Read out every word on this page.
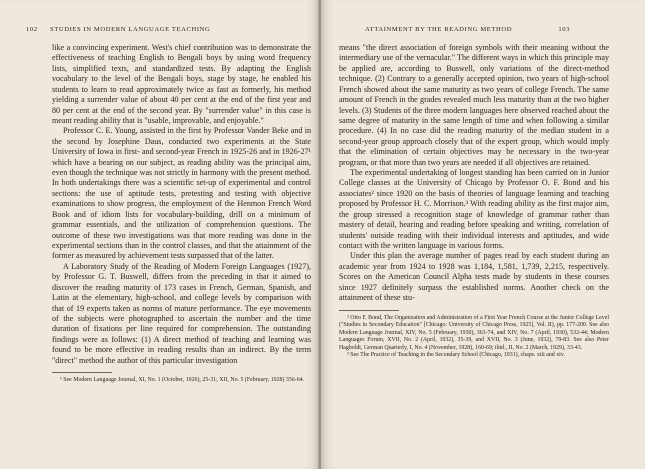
102 STUDIES IN MODERN LANGUAGE TEACHING

like a convincing experiment. West's chief contribution was to demonstrate the effectiveness of teaching English to Bengali boys by using word frequency lists, simplified texts, and standardized tests. By adapting the English vocabulary to the level of the Bengali boys, stage by stage, he enabled his students to learn to read approximately twice as fast as formerly, his method yielding a surrender value of about 40 per cent at the end of the first year and 80 per cent at the end of the second year. By "surrender value" in this case is meant reading ability that is "usable, improvable, and enjoyable."

Professor C. E. Young, assisted in the first by Professor Vander Beke and in the second by Josephine Daus, conducted two experiments at the State University of Iowa in first- and second-year French in 1925-26 and in 1926-27¹ which have a bearing on our subject, as reading ability was the principal aim, even though the technique was not strictly in harmony with the present method. In both undertakings there was a scientific set-up of experimental and control sections: the use of aptitude tests, pretesting and testing with objective examinations to show progress, the employment of the Henmon French Word Book and of idiom lists for vocabulary-building, drill on a minimum of grammar essentials, and the utilization of comprehension questions. The outcome of these two investigations was that more reading was done in the experimental sections than in the control classes, and that the attainment of the former as measured by achievement tests surpassed that of the latter.

A Laboratory Study of the Reading of Modern Foreign Languages (1927), by Professor G. T. Buswell, differs from the preceding in that it aimed to discover the reading maturity of 173 cases in French, German, Spanish, and Latin at the elementary, high-school, and college levels by comparison with that of 19 experts taken as norms of mature performance. The eye movements of the subjects were photographed to ascertain the number and the time duration of fixations per line required for comprehension. The outstanding findings were as follows: (1) A direct method of teaching and learning was found to be more effective in reading results than an indirect. By the term "direct" method the author of this particular investigation

¹ See Modern Language Journal, XI, No. 1 (October, 1926), 25-31; XII, No. 5 (February, 1928) 356-64.

ATTAINMENT BY THE READING METHOD	103

means "the direct association of foreign symbols with their meaning without the intermediary use of the vernacular." The different ways in which this principle may be applied are, according to Buswell, only variations of the direct-method technique. (2) Contrary to a generally accepted opinion, two years of high-school French showed about the same maturity as two years of college French. The same amount of French in the grades revealed much less maturity than at the two higher levels. (3) Students of the three modern languages here observed reached about the same degree of maturity in the same length of time and when following a similar procedure. (4) In no case did the reading maturity of the median student in a second-year group approach closely that of the expert group, which would imply that the elimination of certain objectives may be necessary in the two-year program, or that more than two years are needed if all objectives are retained.

The experimental undertaking of longest standing has been carried on in Junior College classes at the University of Chicago by Professor O. F. Bond and his associates² since 1920 on the basis of theories of language learning and teaching proposed by Professor H. C. Morrison.³ With reading ability as the first major aim, the group stressed a recognition stage of knowledge of grammar rather than mastery of detail, hearing and reading before speaking and writing, correlation of students' outside reading with their individual interests and aptitudes, and wide contact with the written language in various forms.

Under this plan the average number of pages read by each student during an academic year from 1924 to 1928 was 1,184, 1,581, 1,739, 2,215, respectively. Scores on the American Council Alpha tests made by students in these courses since 1927 definitely surpass the established norms. Another check on the attainment of these stu-

² Otto F. Bond, The Organization and Administration of a First Year French Course at the Junior College Level ("Studies in Secondary Education" [Chicago: University of Chicago Press, 1925], Vol. II), pp. 177-200. See also Modern Language Journal, XIV, No. 5 (February, 1930), 363-74, and XIV, No. 7 (April, 1930), 532-44; Modern Languages Forum, XVII, No. 2 (April, 1932), 35-39, and XVII, No. 3 (June, 1932), 79-83. See also Peter Hagboldt, German Quarterly, I, No. 4 (November, 1928), 160-69; ibid., II, No. 2 (March, 1929), 33-43.

³ See The Practice of Teaching in the Secondary School (Chicago, 1931), chaps. xiii and xiv.
